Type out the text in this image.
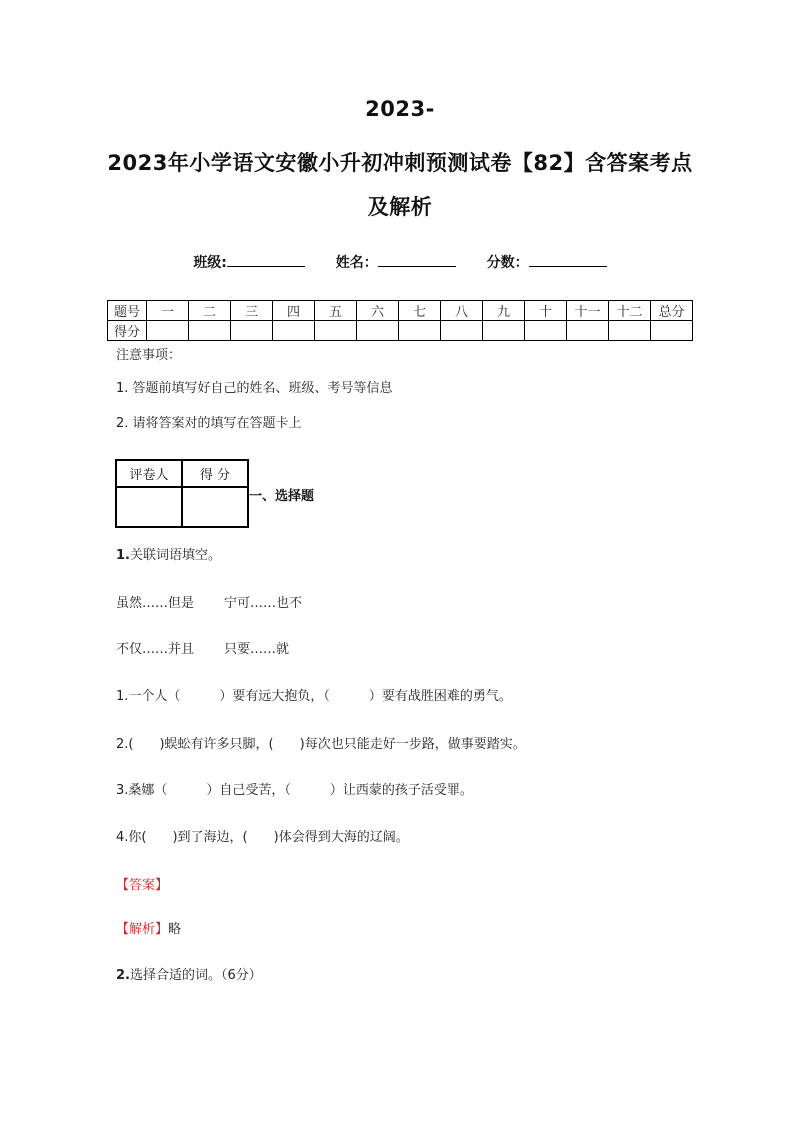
2023-
2023年小学语文安徽小升初冲刺预测试卷【82】含答案考点
及解析
班级:	姓名：	分数：
题号	一	二	三	四	五	六	七	八	九	十	十一	十二	总分
得分													
注意事项：
1. 答题前填写好自己的姓名、班级、考号等信息
2. 请将答案对的填写在答题卡上
评卷人	得 分

一、选择题
1.关联词语填空。
虽然……但是 宁可……也不
不仅……并且 只要……就
1.一个人（　　　）要有远大抱负，（　　　）要有战胜困难的勇气。
2.(　　)蜈蚣有许多只脚，(　　)每次也只能走好一步路，做事要踏实。
3.桑娜（　　　）自己受苦，（　　　）让西蒙的孩子活受罪。
4.你(　　)到了海边，(　　)体会得到大海的辽阔。
【答案】
【解析】略
2.选择合适的词。（6分）
